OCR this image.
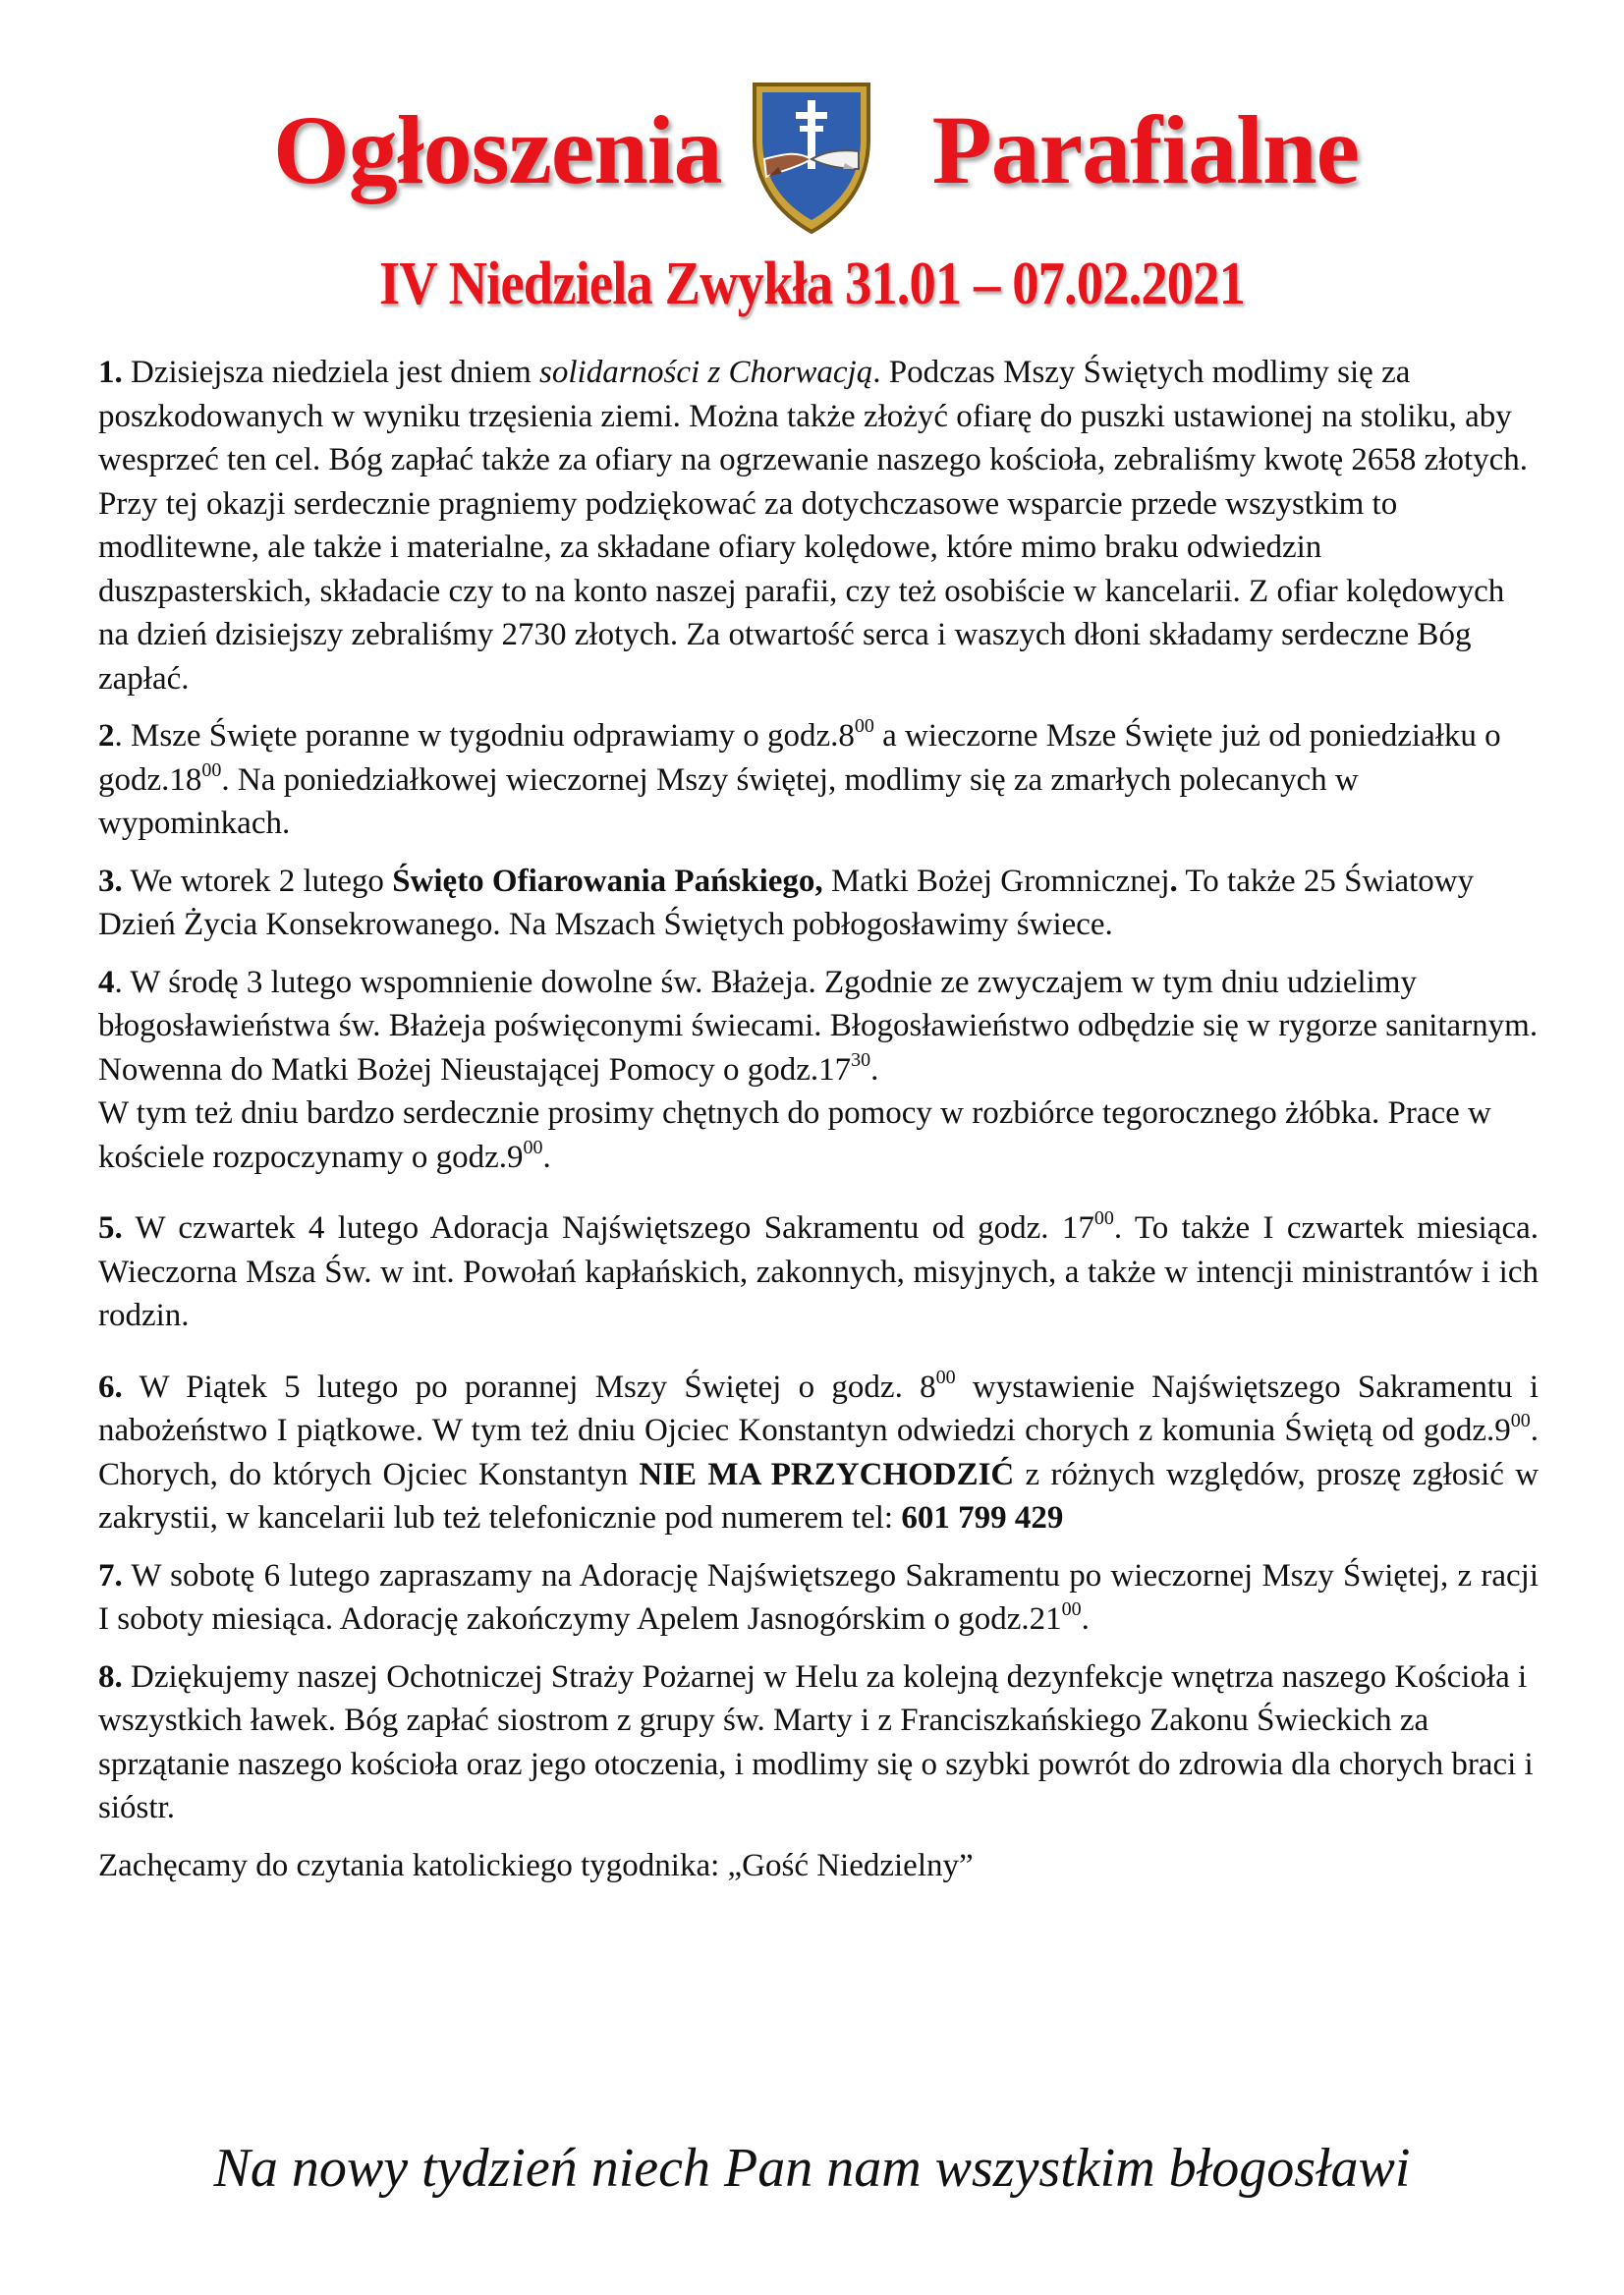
Ogłoszenia Parafialne
IV Niedziela Zwykła 31.01 – 07.02.2021
1. Dzisiejsza niedziela jest dniem solidarności z Chorwacją. Podczas Mszy Świętych modlimy się za poszkodowanych w wyniku trzęsienia ziemi. Można także złożyć ofiarę do puszki ustawionej na stoliku, aby wesprzeć ten cel. Bóg zapłać także za ofiary na ogrzewanie naszego kościoła, zebraliśmy kwotę 2658 złotych. Przy tej okazji serdecznie pragniemy podziękować za dotychczasowe wsparcie przede wszystkim to modlitewne, ale także i materialne, za składane ofiary kolędowe, które mimo braku odwiedzin duszpasterskich, składacie czy to na konto naszej parafii, czy też osobiście w kancelarii. Z ofiar kolędowych na dzień dzisiejszy zebraliśmy 2730 złotych. Za otwartość serca i waszych dłoni składamy serdeczne Bóg zapłać.
2. Msze Święte poranne w tygodniu odprawiamy o $godz.8^{00}$ a wieczorne Msze Święte już od poniedziałku o $godz.18^{00}$. Na poniedziałkowej wieczornej Mszy świętej, modlimy się za zmarłych polecanych w wypominkach.
3. We wtorek 2 lutego Święto Ofiarowania Pańskiego, Matki Bożej Gromnicznej. To także 25 Światowy Dzień Życia Konsekrowanego. Na Mszach Świętych pobłogosławimy świece.
4. W środę 3 lutego wspomnienie dowolne św. Błażeja. Zgodnie ze zwyczajem w tym dniu udzielimy błogosławieństwa św. Błażeja poświęconymi świecami. Błogosławieństwo odbędzie się w rygorze sanitarnym. Nowenna do Matki Bożej Nieustającej Pomocy o $godz.17^{30}$.
W tym też dniu bardzo serdecznie prosimy chętnych do pomocy w rozbiórce tegorocznego żłóbka. Prace w kościele rozpoczynamy o $godz.9^{00}$.
5. W czwartek 4 lutego Adoracja Najświętszego Sakramentu od godz. $17^{00}$. To także I czwartek miesiąca. Wieczorna Msza Św. w int. Powołań kapłańskich, zakonnych, misyjnych, a także w intencji ministrantów i ich rodzin.
6. W Piątek 5 lutego po porannej Mszy Świętej o godz. $8^{00}$ wystawienie Najświętszego Sakramentu i nabożeństwo I piątkowe. W tym też dniu Ojciec Konstantyn odwiedzi chorych z komunia Świętą od $godz.9^{00}$. Chorych, do których Ojciec Konstantyn NIE MA PRZYCHODZIĆ z różnych względów, proszę zgłosić w zakrystii, w kancelarii lub też telefonicznie pod numerem tel: 601 799 429
7. W sobotę 6 lutego zapraszamy na Adorację Najświętszego Sakramentu po wieczornej Mszy Świętej, z racji I soboty miesiąca. Adorację zakończymy Apelem Jasnogórskim o $godz.21^{00}$.
8. Dziękujemy naszej Ochotniczej Straży Pożarnej w Helu za kolejną dezynfekcje wnętrza naszego Kościoła i wszystkich ławek. Bóg zapłać siostrom z grupy św. Marty i z Franciszkańskiego Zakonu Świeckich za sprzątanie naszego kościoła oraz jego otoczenia, i modlimy się o szybki powrót do zdrowia dla chorych braci i sióstr.
Zachęcamy do czytania katolickiego tygodnika: „Gość Niedzielny”
Na nowy tydzień niech Pan nam wszystkim błogosławi
